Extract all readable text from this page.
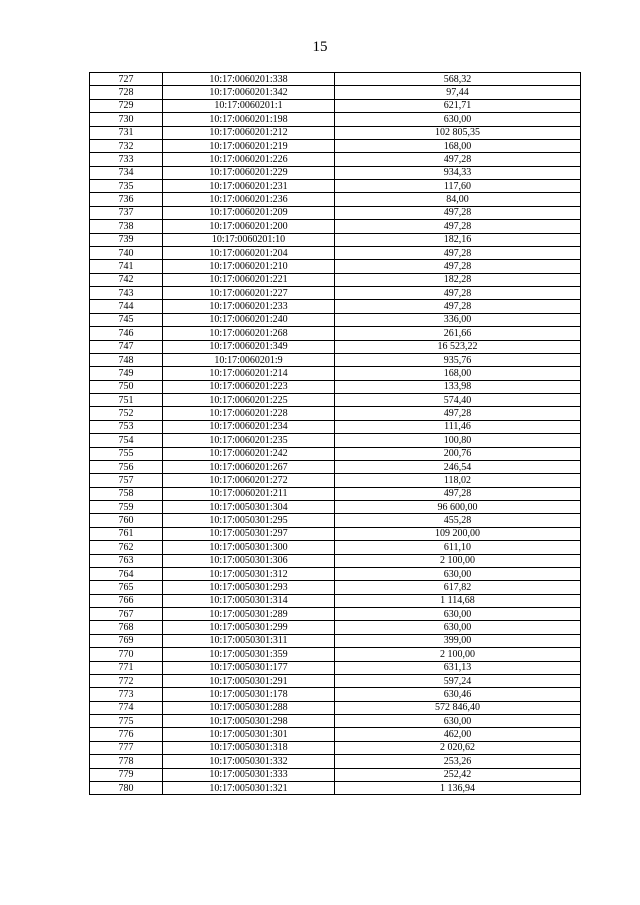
15
727	10:17:0060201:338	568,32
728	10:17:0060201:342	97,44
729	10:17:0060201:1	621,71
730	10:17:0060201:198	630,00
731	10:17:0060201:212	102 805,35
732	10:17:0060201:219	168,00
733	10:17:0060201:226	497,28
734	10:17:0060201:229	934,33
735	10:17:0060201:231	117,60
736	10:17:0060201:236	84,00
737	10:17:0060201:209	497,28
738	10:17:0060201:200	497,28
739	10:17:0060201:10	182,16
740	10:17:0060201:204	497,28
741	10:17:0060201:210	497,28
742	10:17:0060201:221	182,28
743	10:17:0060201:227	497,28
744	10:17:0060201:233	497,28
745	10:17:0060201:240	336,00
746	10:17:0060201:268	261,66
747	10:17:0060201:349	16 523,22
748	10:17:0060201:9	935,76
749	10:17:0060201:214	168,00
750	10:17:0060201:223	133,98
751	10:17:0060201:225	574,40
752	10:17:0060201:228	497,28
753	10:17:0060201:234	111,46
754	10:17:0060201:235	100,80
755	10:17:0060201:242	200,76
756	10:17:0060201:267	246,54
757	10:17:0060201:272	118,02
758	10:17:0060201:211	497,28
759	10:17:0050301:304	96 600,00
760	10:17:0050301:295	455,28
761	10:17:0050301:297	109 200,00
762	10:17:0050301:300	611,10
763	10:17:0050301:306	2 100,00
764	10:17:0050301:312	630,00
765	10:17:0050301:293	617,82
766	10:17:0050301:314	1 114,68
767	10:17:0050301:289	630,00
768	10:17:0050301:299	630,00
769	10:17:0050301:311	399,00
770	10:17:0050301:359	2 100,00
771	10:17:0050301:177	631,13
772	10:17:0050301:291	597,24
773	10:17:0050301:178	630,46
774	10:17:0050301:288	572 846,40
775	10:17:0050301:298	630,00
776	10:17:0050301:301	462,00
777	10:17:0050301:318	2 020,62
778	10:17:0050301:332	253,26
779	10:17:0050301:333	252,42
780	10:17:0050301:321	1 136,94
